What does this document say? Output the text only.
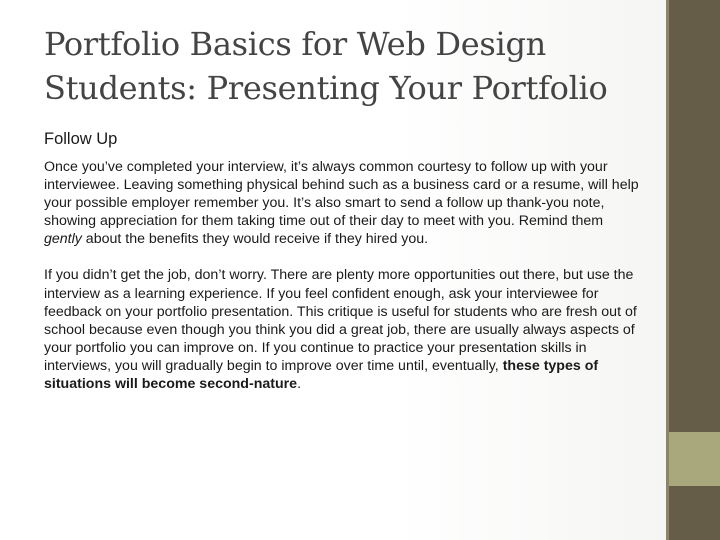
Portfolio Basics for Web Design Students: Presenting Your Portfolio
Follow Up

Once you’ve completed your interview, it’s always common courtesy to follow up with your interviewee. Leaving something physical behind such as a business card or a resume, will help your possible employer remember you. It’s also smart to send a follow up thank-you note, showing appreciation for them taking time out of their day to meet with you. Remind them gently about the benefits they would receive if they hired you.

If you didn’t get the job, don’t worry. There are plenty more opportunities out there, but use the interview as a learning experience. If you feel confident enough, ask your interviewee for feedback on your portfolio presentation. This critique is useful for students who are fresh out of school because even though you think you did a great job, there are usually always aspects of your portfolio you can improve on. If you continue to practice your presentation skills in interviews, you will gradually begin to improve over time until, eventually, these types of situations will become second-nature.
